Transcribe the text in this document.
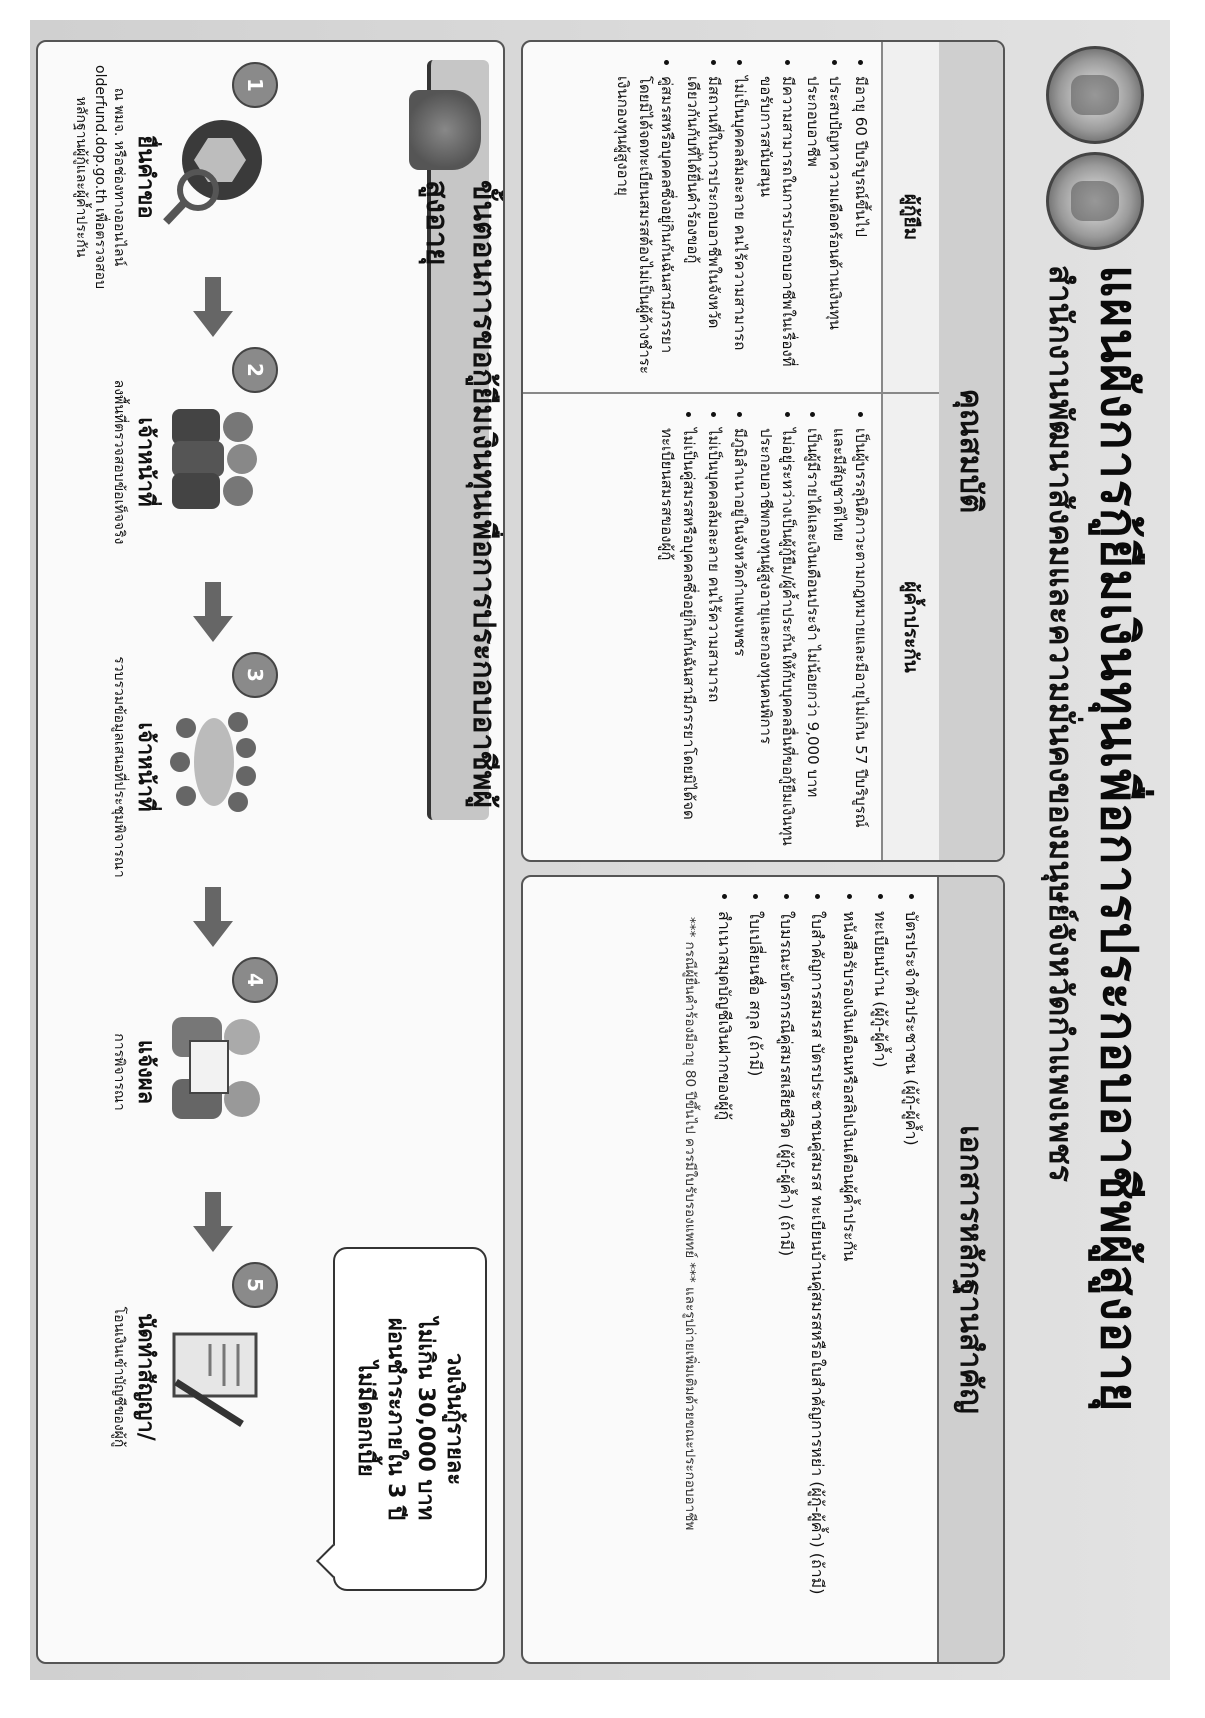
แผนผังการกู้ยืมเงินทุนเพื่อการประกอบอาชีพผู้สูงอายุ
สำนักงานพัฒนาสังคมและความมั่นคงของมนุษย์จังหวัดกำแพงเพชร
คุณสมบัติ
ผู้กู้ยืม
• มีอายุ 60 ปีบริบูรณ์ขึ้นไป
• ประสบปัญหาความเดือดร้อนด้านเงินทุนประกอบอาชีพ
• มีความสามารถในการประกอบอาชีพในเรื่องที่ขอรับการสนับสนุน
• ไม่เป็นบุคคลล้มละลาย คนไร้ความสามารถ
• มีสถานที่ในการประกอบอาชีพในจังหวัดเดียวกันกับที่ได้ยื่นคำร้องขอกู้
• คู่สมรสหรือบุคคลซึ่งอยู่กินกันฉันสามีภรรยาโดยมิได้จดทะเบียนสมรสต้องไม่เป็นผู้ค้างชำระเงินกองทุนผู้สูงอายุ
ผู้ค้ำประกัน
• เป็นผู้บรรลุนิติภาวะตามกฎหมายและมีอายุไม่เกิน 57 ปีบริบูรณ์ และมีสัญชาติไทย
• เป็นผู้มีรายได้และเงินเดือนประจำ ไม่น้อยกว่า 9,000 บาท
• ไม่อยู่ระหว่างเป็นผู้กู้ยืม/ผู้ค้ำประกันให้กับบุคคลอื่นที่ขอกู้ยืมเงินทุนประกอบอาชีพกองทุนผู้สูงอายุและกองทุนคนพิการ
• มีภูมิลำเนาอยู่ในจังหวัดกำแพงเพชร
• ไม่เป็นบุคคลล้มละลาย คนไร้ความสามารถ
• ไม่เป็นคู่สมรสหรือบุคคลซึ่งอยู่กินกันฉันสามีภรรยาโดยมิได้จดทะเบียนสมรสของผู้กู้
เอกสารหลักฐานสำคัญ
• บัตรประจำตัวประชาชน (ผู้กู้-ผู้ค้ำ)
• ทะเบียนบ้าน (ผู้กู้-ผู้ค้ำ)
• หนังสือรับรองเงินเดือนหรือสลิปเงินเดือนผู้ค้ำประกัน
• ใบสำคัญการสมรส บัตรประชาชนคู่สมรส ทะเบียนบ้านคู่สมรสหรือใบสำคัญการหย่า (ผู้กู้-ผู้ค้ำ) (ถ้ามี)
• ใบมรณะบัตรกรณีคู่สมรสเสียชีวิต (ผู้กู้-ผู้ค้ำ) (ถ้ามี)
• ใบเปลี่ยนชื่อ สกุล (ถ้ามี)
• สำเนาสมุดบัญชีเงินฝากของผู้กู้
*** กรณีผู้ยื่นคำร้องมีอายุ 80 ปีขึ้นไป ควรมีใบรับรองแพทย์ *** และรูปถ่ายเพิ่มเติมด้วยขณะประกอบอาชีพ
ขั้นตอนการขอกู้ยืมเงินทุนเพื่อการประกอบอาชีพผู้สูงอายุ
วงเงินกู้รายละ
ไม่เกิน 30,000 บาท
ผ่อนชำระภายใน 3 ปี
ไม่มีดอกเบี้ย
1
ยื่นคำขอ
ณ พมจ. หรือช่องทางออนไลน์ olderfund.dop.go.th เพื่อตรวจสอบหลักฐานผู้กู้และผู้ค้ำประกัน
2
เจ้าหน้าที่
ลงพื้นที่ตรวจสอบข้อเท็จจริง
3
เจ้าหน้าที่
รวบรวมข้อมูลเสนอที่ประชุมพิจารณา
4
แจ้งผล
การพิจารณา
5
นัดทำสัญญา/
โอนเงินเข้าบัญชีของผู้กู้
